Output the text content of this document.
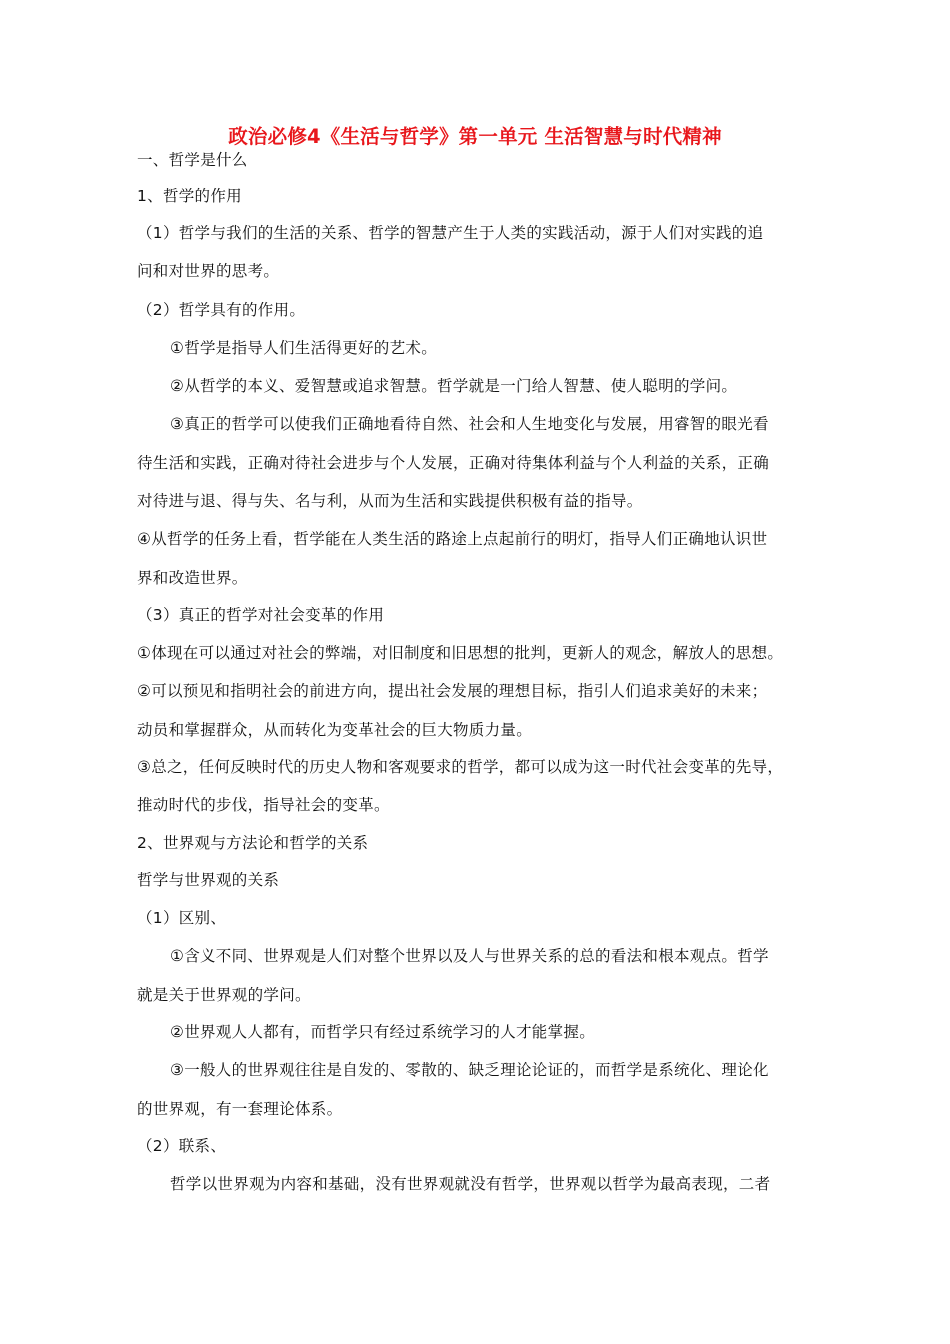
政治必修4《生活与哲学》第一单元 生活智慧与时代精神
一、哲学是什么
1、哲学的作用
（1）哲学与我们的生活的关系、哲学的智慧产生于人类的实践活动，源于人们对实践的追
问和对世界的思考。
（2）哲学具有的作用。
①哲学是指导人们生活得更好的艺术。
②从哲学的本义、爱智慧或追求智慧。哲学就是一门给人智慧、使人聪明的学问。
③真正的哲学可以使我们正确地看待自然、社会和人生地变化与发展，用睿智的眼光看
待生活和实践，正确对待社会进步与个人发展，正确对待集体利益与个人利益的关系，正确
对待进与退、得与失、名与利，从而为生活和实践提供积极有益的指导。
④从哲学的任务上看，哲学能在人类生活的路途上点起前行的明灯，指导人们正确地认识世
界和改造世界。
（3）真正的哲学对社会变革的作用
①体现在可以通过对社会的弊端，对旧制度和旧思想的批判，更新人的观念，解放人的思想。
②可以预见和指明社会的前进方向，提出社会发展的理想目标，指引人们追求美好的未来；
动员和掌握群众，从而转化为变革社会的巨大物质力量。
③总之，任何反映时代的历史人物和客观要求的哲学，都可以成为这一时代社会变革的先导，
推动时代的步伐，指导社会的变革。
2、世界观与方法论和哲学的关系
哲学与世界观的关系
（1）区别、
①含义不同、世界观是人们对整个世界以及人与世界关系的总的看法和根本观点。哲学
就是关于世界观的学问。
②世界观人人都有，而哲学只有经过系统学习的人才能掌握。
③一般人的世界观往往是自发的、零散的、缺乏理论论证的，而哲学是系统化、理论化
的世界观，有一套理论体系。
（2）联系、
哲学以世界观为内容和基础，没有世界观就没有哲学，世界观以哲学为最高表现，二者
